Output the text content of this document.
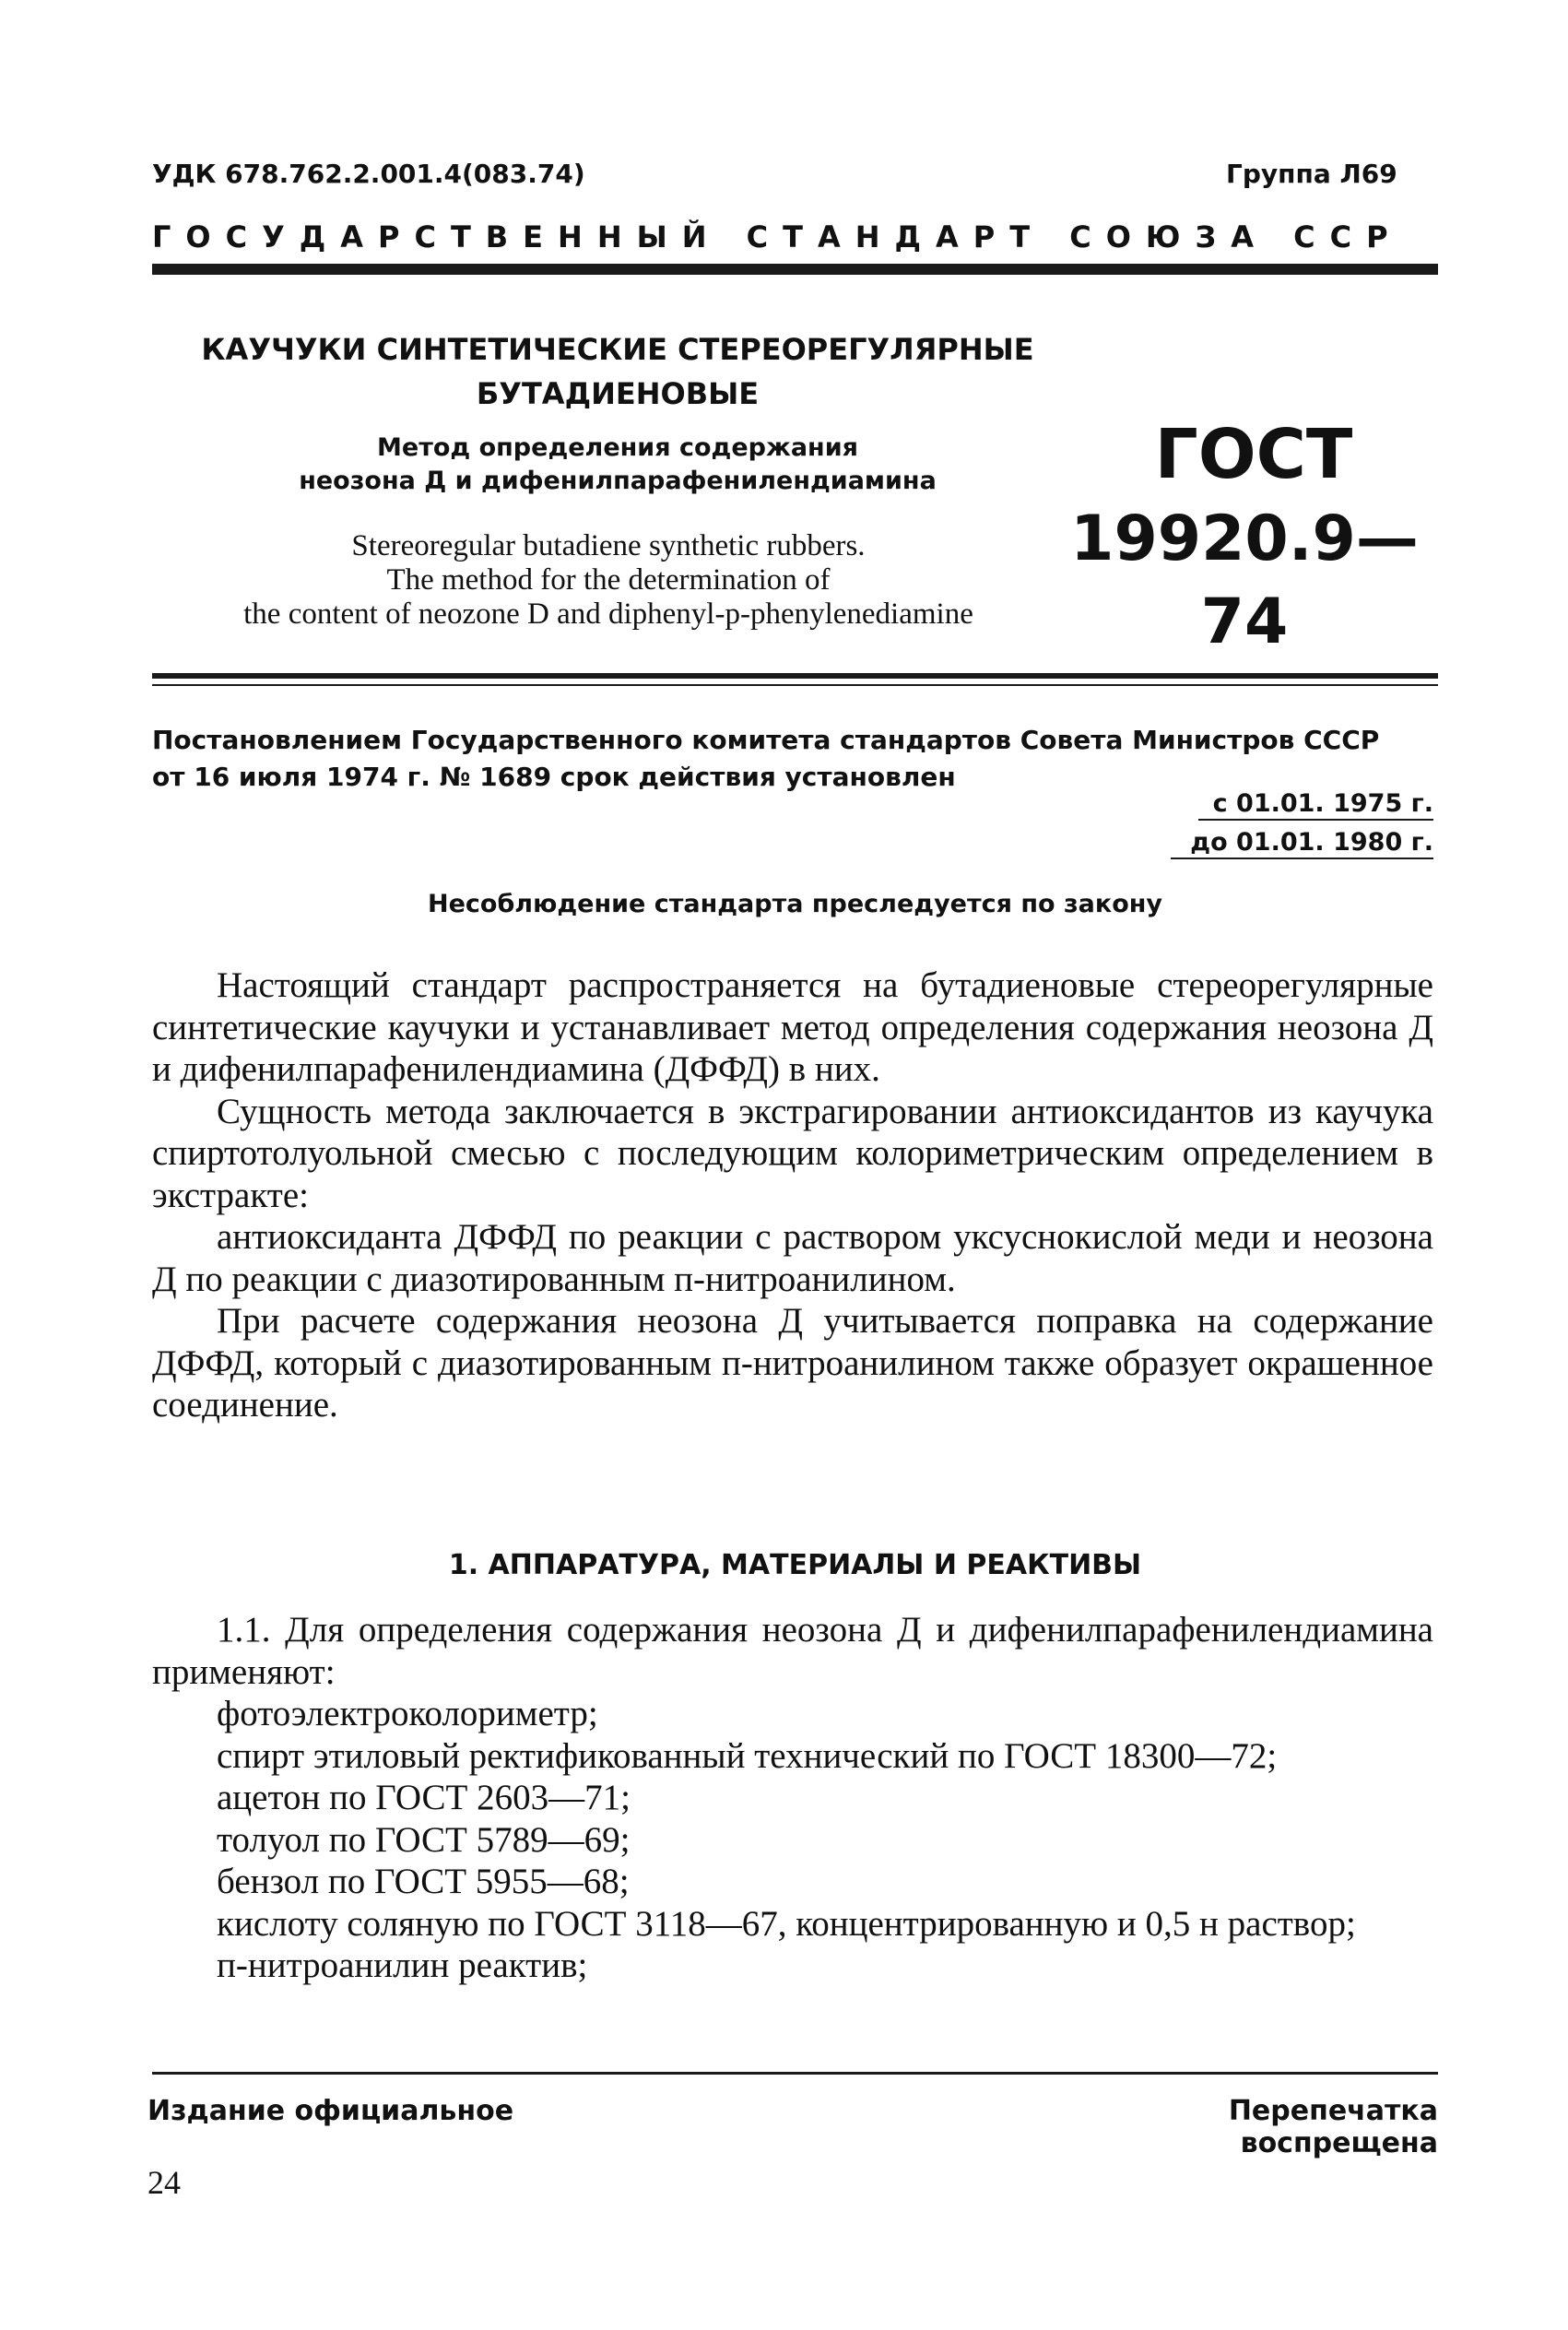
УДК 678.762.2.001.4(083.74)	Группа Л69
ГОСУДАРСТВЕННЫЙ СТАНДАРТ СОЮЗА ССР
КАУЧУКИ СИНТЕТИЧЕСКИЕ СТЕРЕОРЕГУЛЯРНЫЕ
БУТАДИЕНОВЫЕ
Метод определения содержания
неозона Д и дифенилпарафенилендиамина
Stereoregular butadiene synthetic rubbers.
The method for the determination of
the content of neozone D and diphenyl-p-phenylenediamine
ГОСТ
19920.9—74
Постановлением Государственного комитета стандартов Совета Министров СССР
от 16 июля 1974 г. № 1689 срок действия установлен
с 01.01. 1975 г.
до 01.01. 1980 г.
Несоблюдение стандарта преследуется по закону

Настоящий стандарт распространяется на бутадиеновые стереорегулярные синтетические каучуки и устанавливает метод определения содержания неозона Д и дифенилпарафенилендиамина (ДФФД) в них.

Сущность метода заключается в экстрагировании антиоксидантов из каучука спиртотолуольной смесью с последующим колориметрическим определением в экстракте:

антиоксиданта ДФФД по реакции с раствором уксуснокислой меди и неозона Д по реакции с диазотированным п-нитроанилином.

При расчете содержания неозона Д учитывается поправка на содержание ДФФД, который с диазотированным п-нитроанилином также образует окрашенное соединение.

1. АППАРАТУРА, МАТЕРИАЛЫ И РЕАКТИВЫ

1.1. Для определения содержания неозона Д и дифенилпарафенилендиамина применяют:

фотоэлектроколориметр;

спирт этиловый ректификованный технический по ГОСТ 18300—72;

ацетон по ГОСТ 2603—71;

толуол по ГОСТ 5789—69;

бензол по ГОСТ 5955—68;

кислоту соляную по ГОСТ 3118—67, концентрированную и 0,5 н раствор;

п-нитроанилин реактив;

Издание официальное	Перепечатка воспрещена
24
